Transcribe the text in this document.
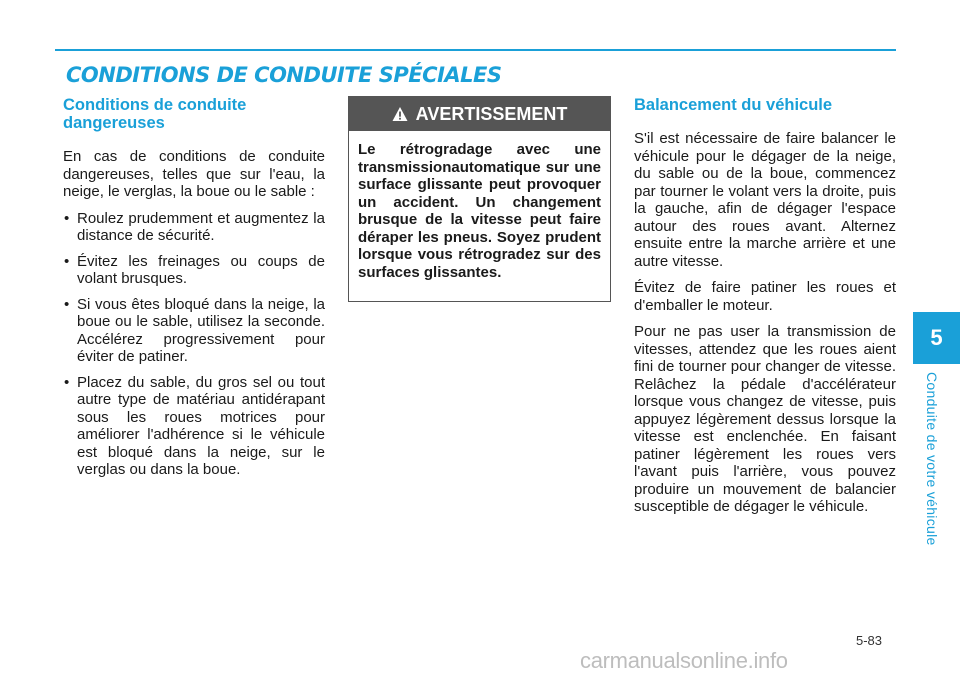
CONDITIONS DE CONDUITE SPÉCIALES
Conditions de conduite dangereuses

En cas de conditions de conduite dangereuses, telles que sur l'eau, la neige, le verglas, la boue ou le sable :

• Roulez prudemment et augmentez la distance de sécurité.
• Évitez les freinages ou coups de volant brusques.
• Si vous êtes bloqué dans la neige, la boue ou le sable, utilisez la seconde. Accélérez progressivement pour éviter de patiner.
• Placez du sable, du gros sel ou tout autre type de matériau antidérapant sous les roues motrices pour améliorer l'adhérence si le véhicule est bloqué dans la neige, sur le verglas ou dans la boue.
AVERTISSEMENT
Le rétrogradage avec une transmissionautomatique sur une surface glissante peut provoquer un accident. Un changement brusque de la vitesse peut faire déraper les pneus. Soyez prudent lorsque vous rétrogradez sur des surfaces glissantes.
Balancement du véhicule

S'il est nécessaire de faire balancer le véhicule pour le dégager de la neige, du sable ou de la boue, commencez par tourner le volant vers la droite, puis la gauche, afin de dégager l'espace autour des roues avant. Alternez ensuite entre la marche arrière et une autre vitesse.

Évitez de faire patiner les roues et d'emballer le moteur.

Pour ne pas user la transmission de vitesses, attendez que les roues aient fini de tourner pour changer de vitesse. Relâchez la pédale d'accélérateur lorsque vous changez de vitesse, puis appuyez légèrement dessus lorsque la vitesse est enclenchée. En faisant patiner légèrement les roues vers l'avant puis l'arrière, vous pouvez produire un mouvement de balancier susceptible de dégager le véhicule.

5
Conduite de votre véhicule
5-83
carmanualsonline.info
